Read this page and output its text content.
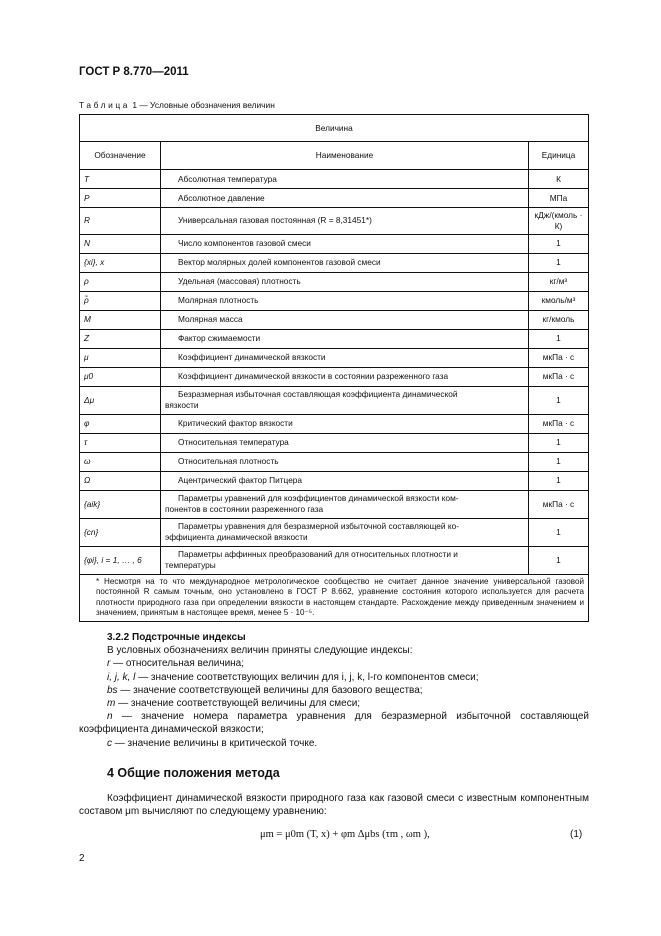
ГОСТ Р 8.770—2011
Таблица 1 — Условные обозначения величин
Величина		
Обозначение	Наименование	Единица
T	Абсолютная температура	К
P	Абсолютное давление	МПа
R	Универсальная газовая постоянная (R = 8,31451*)	кДж/(кмоль · К)
N	Число компонентов газовой смеси	1
{xi}, x	Вектор молярных долей компонентов газовой смеси	1
ρ	Удельная (массовая) плотность	кг/м³
ρ̃	Молярная плотность	кмоль/м³
M	Молярная масса	кг/кмоль
Z	Фактор сжимаемости	1
μ	Коэффициент динамической вязкости	мкПа · с
μ0	Коэффициент динамической вязкости в состоянии разреженного газа	мкПа · с
Δμ	Безразмерная избыточная составляющая коэффициента динамической
вязкости	1
φ	Критический фактор вязкости	мкПа · с
τ	Относительная температура	1
ω	Относительная плотность	1
Ω	Ацентрический фактор Питцера	1
{aik}	Параметры уравнений для коэффициентов динамической вязкости ком-
понентов в состоянии разреженного газа	мкПа · с
{cn}	Параметры уравнения для безразмерной избыточной составляющей ко-
эффициента динамической вязкости	1
{φi}, i = 1, … , 6	Параметры аффинных преобразований для относительных плотности и
температуры	1

* Несмотря на то что международное метрологическое сообщество не считает данное значение универсальной газовой постоянной R самым точным, оно установлено в ГОСТ Р 8.662, уравнение состояния которого используется для расчета плотности природного газа при определении вязкости в настоящем стандарте. Расхождение между приведенным значением и значением, принятым в настоящее время, менее 5 · 10⁻⁵.		

3.2.2 Подстрочные индексы

В условных обозначениях величин приняты следующие индексы:

r — относительная величина;

i, j, k, l — значение соответствующих величин для i, j, k, l-го компонентов смеси;

bs — значение соответствующей величины для базового вещества;

m — значение соответствующей величины для смеси;

n — значение номера параметра уравнения для безразмерной избыточной составляющей коэффициента динамической вязкости;

c — значение величины в критической точке.

4 Общие положения метода

Коэффициент динамической вязкости природного газа как газовой смеси с известным компонентным составом μm вычисляют по следующему уравнению:

μm = μ0m (T, x) + φm Δμbs (τm , ωm ),	(1)
2
